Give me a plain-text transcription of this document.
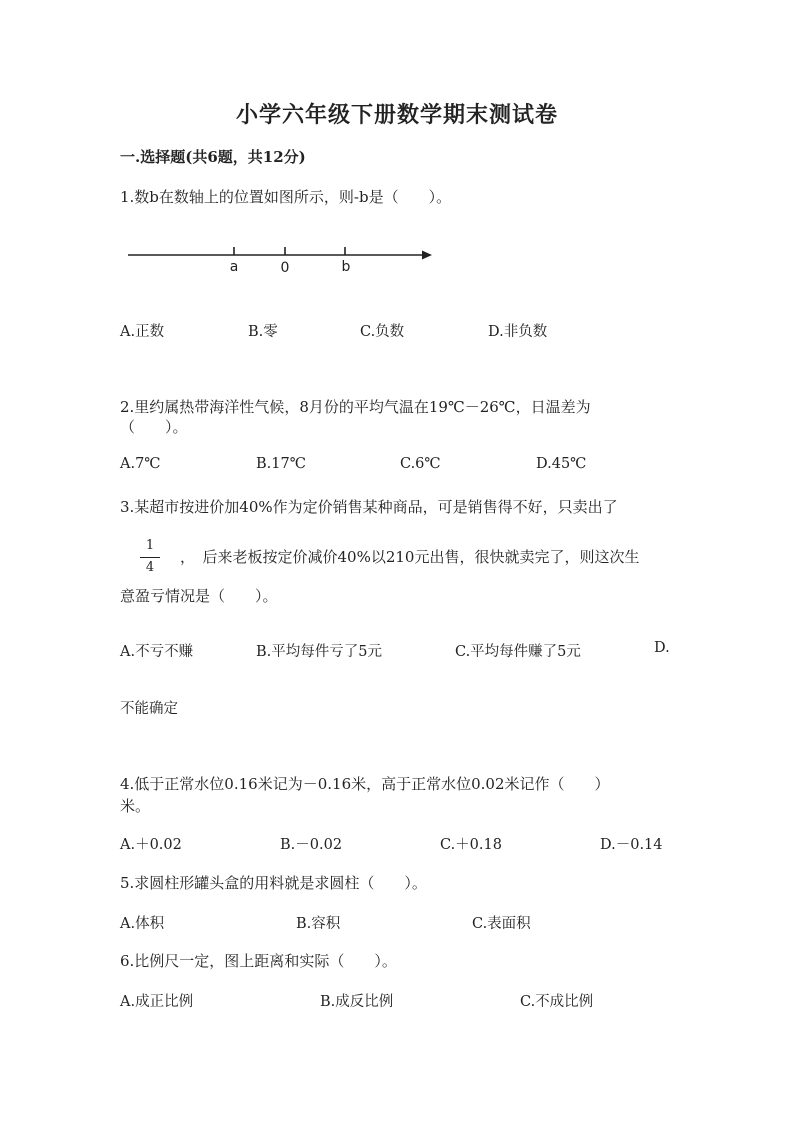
小学六年级下册数学期末测试卷
一.选择题(共6题，共12分)
1.数b在数轴上的位置如图所示，则-b是（　　）。
a	0	b
A.正数	B.零	C.负数	D.非负数
2.里约属热带海洋性气候，8月份的平均气温在19℃－26℃，日温差为
（　　）。
A.7℃	B.17℃	C.6℃	D.45℃
3.某超市按进价加40%作为定价销售某种商品，可是销售得不好，只卖出了
1
4
，　后来老板按定价减价40%以210元出售，很快就卖完了，则这次生
意盈亏情况是（　　）。
A.不亏不赚	B.平均每件亏了5元	C.平均每件赚了5元	D.
不能确定
4.低于正常水位0.16米记为－0.16米，高于正常水位0.02米记作（　　）
米。
A.＋0.02	B.－0.02	C.＋0.18	D.－0.14
5.求圆柱形罐头盒的用料就是求圆柱（　　）。
A.体积	B.容积	C.表面积
6.比例尺一定，图上距离和实际（　　）。
A.成正比例	B.成反比例	C.不成比例
